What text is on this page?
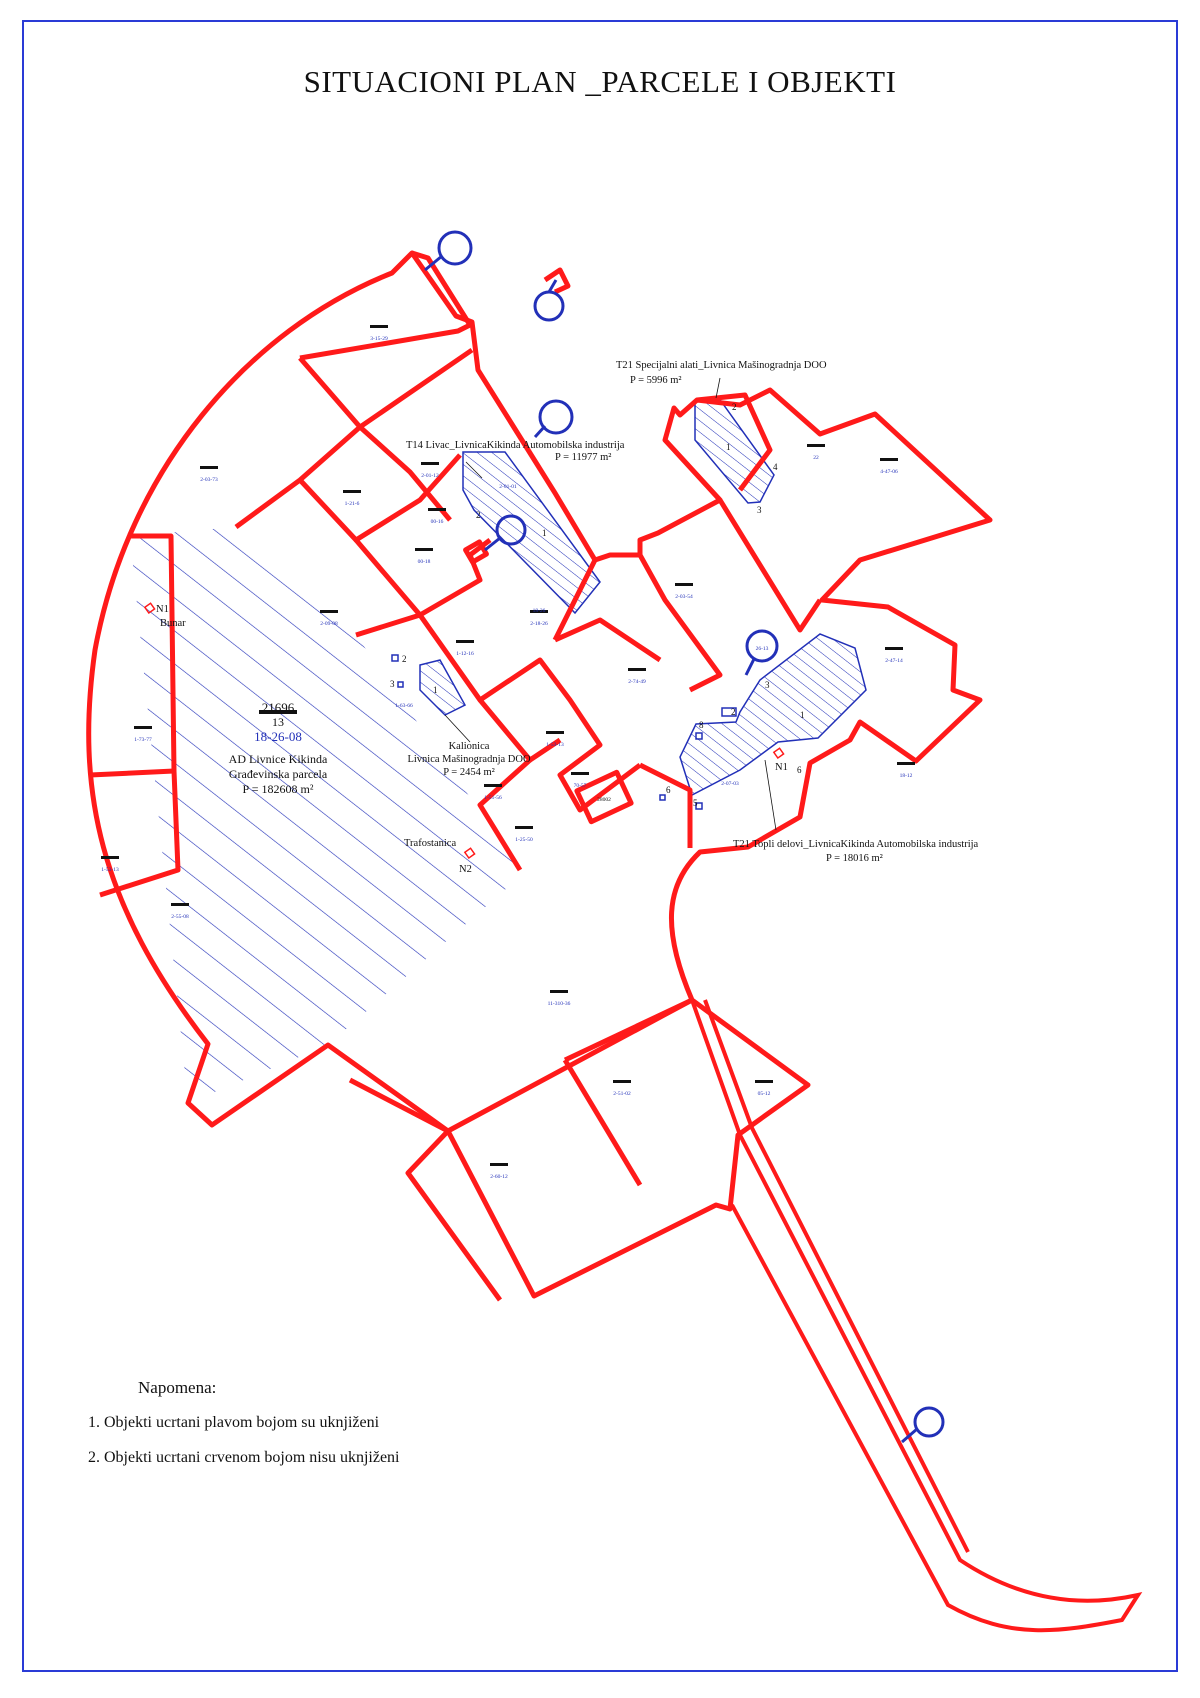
SITUACIONI PLAN _PARCELE I OBJEKTI
3-15-29
2-03-73
1-21-6
2-01-12
2-01-01
00-16
00-18
2-09-08
1-12-16
2-18-26
1-63-66
18-26
1-53-13
70-57
1-51-56
1-25-50
2-74-49
2-03-54
22
4-47-06
2-47-14
18-12
1-73-77
1-53-13
2-55-08
11-310-36
2-51-02	05-12
2-60-12
28002
2-07-03
26-13
1
2
1
2
3
4
1
2
3
1
2
3
5
6
8
6
21696
13
18-26-08
AD Livnice Kikinda
Građevinska parcela
P = 182608 m²
T14 Livac_LivnicaKikinda Automobilska industrija
P = 11977 m²
T21 Specijalni alati_Livnica Mašinogradnja DOO
P = 5996 m²
T21 Topli delovi_LivnicaKikinda Automobilska industrija
P = 18016 m²
Kalionica
Livnica Mašinogradnja DOO
P = 2454 m²
N1
Bunar
Trafostanica
N2
N1
Napomena:
1. Objekti ucrtani plavom bojom su uknjiženi
2. Objekti ucrtani crvenom bojom nisu uknjiženi
